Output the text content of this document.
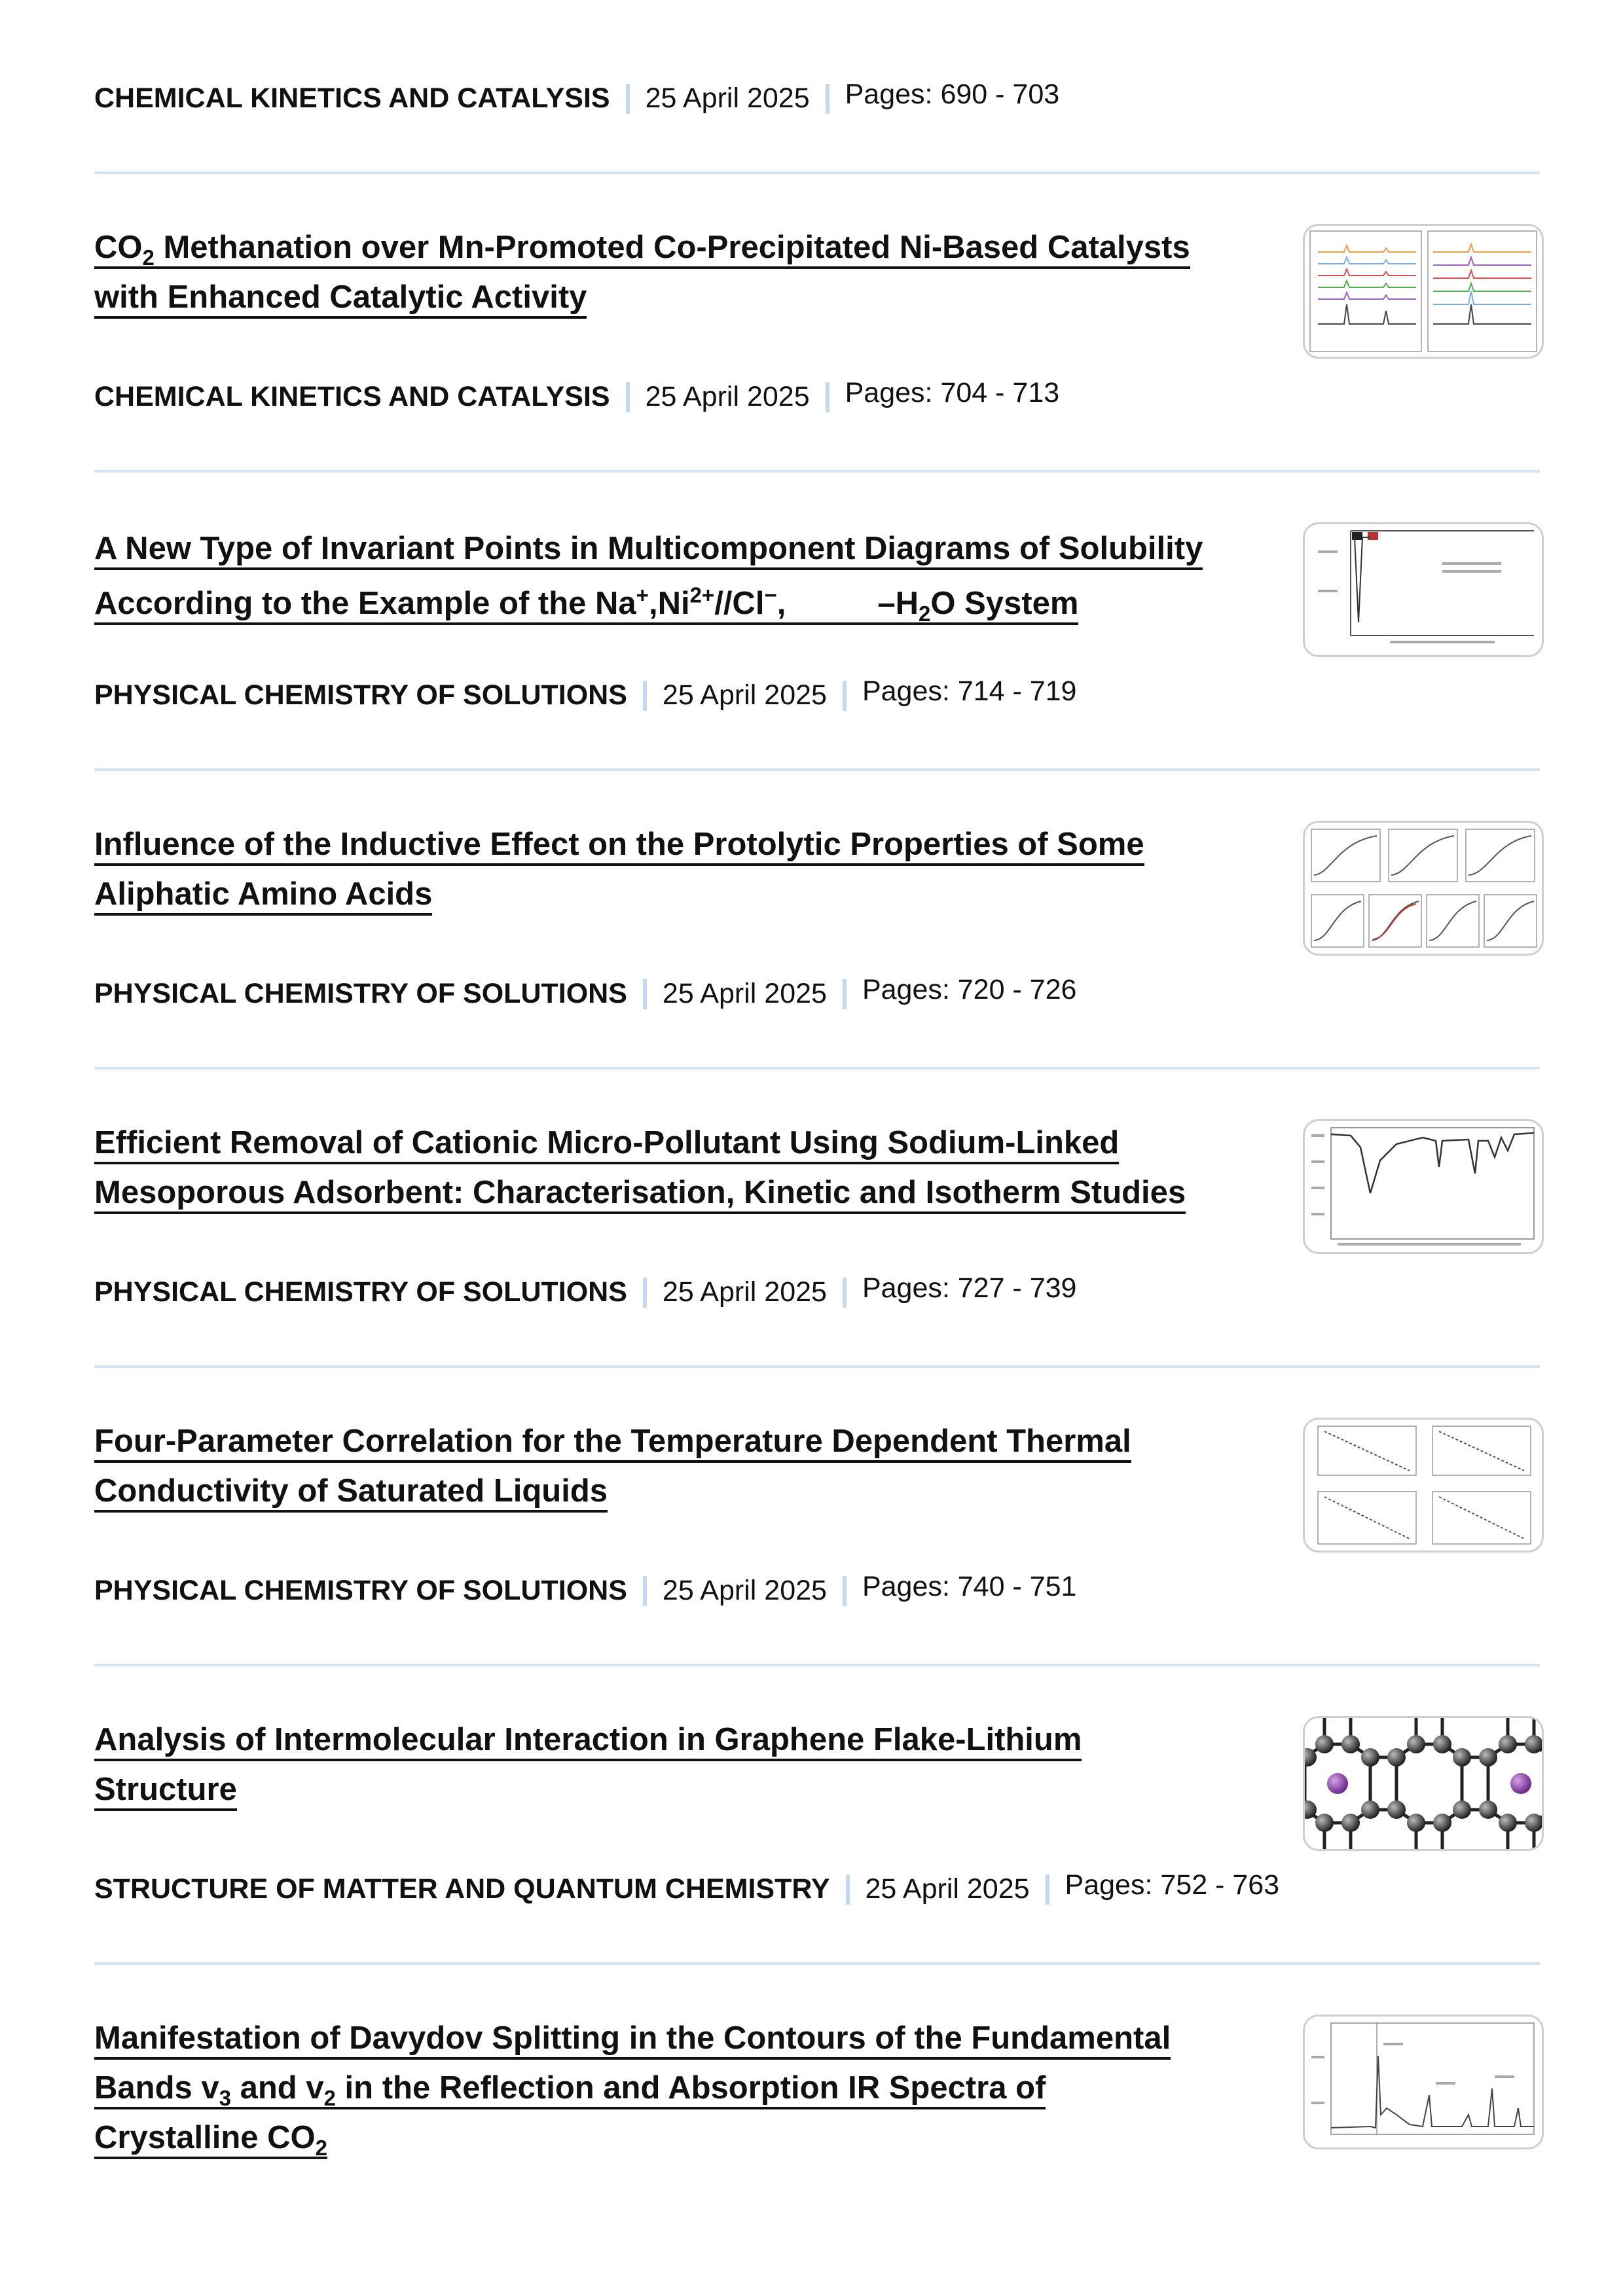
CHEMICAL KINETICS AND CATALYSIS 25 April 2025 Pages: 690 - 703
$CO_2$ Methanation over Mn-Promoted Co-Precipitated Ni-Based Catalysts
with Enhanced Catalytic Activity
CHEMICAL KINETICS AND CATALYSIS 25 April 2025 Pages: 704 - 713
A New Type of Invariant Points in Multicomponent Diagrams of Solubility
According to the Example of the $Na^+,Ni^{2+}//Cl^-$,	$-H_2O$ System
PHYSICAL CHEMISTRY OF SOLUTIONS 25 April 2025 Pages: 714 - 719
Influence of the Inductive Effect on the Protolytic Properties of Some
Aliphatic Amino Acids
PHYSICAL CHEMISTRY OF SOLUTIONS 25 April 2025 Pages: 720 - 726
Efficient Removal of Cationic Micro-Pollutant Using Sodium-Linked
Mesoporous Adsorbent: Characterisation, Kinetic and Isotherm Studies
PHYSICAL CHEMISTRY OF SOLUTIONS 25 April 2025 Pages: 727 - 739
Four-Parameter Correlation for the Temperature Dependent Thermal
Conductivity of Saturated Liquids
PHYSICAL CHEMISTRY OF SOLUTIONS 25 April 2025 Pages: 740 - 751
Analysis of Intermolecular Interaction in Graphene Flake-Lithium
Structure
STRUCTURE OF MATTER AND QUANTUM CHEMISTRY 25 April 2025 Pages: 752 - 763
Manifestation of Davydov Splitting in the Contours of the Fundamental
Bands $v_3$ and $v_2$ in the Reflection and Absorption IR Spectra of
Crystalline $CO_2$
